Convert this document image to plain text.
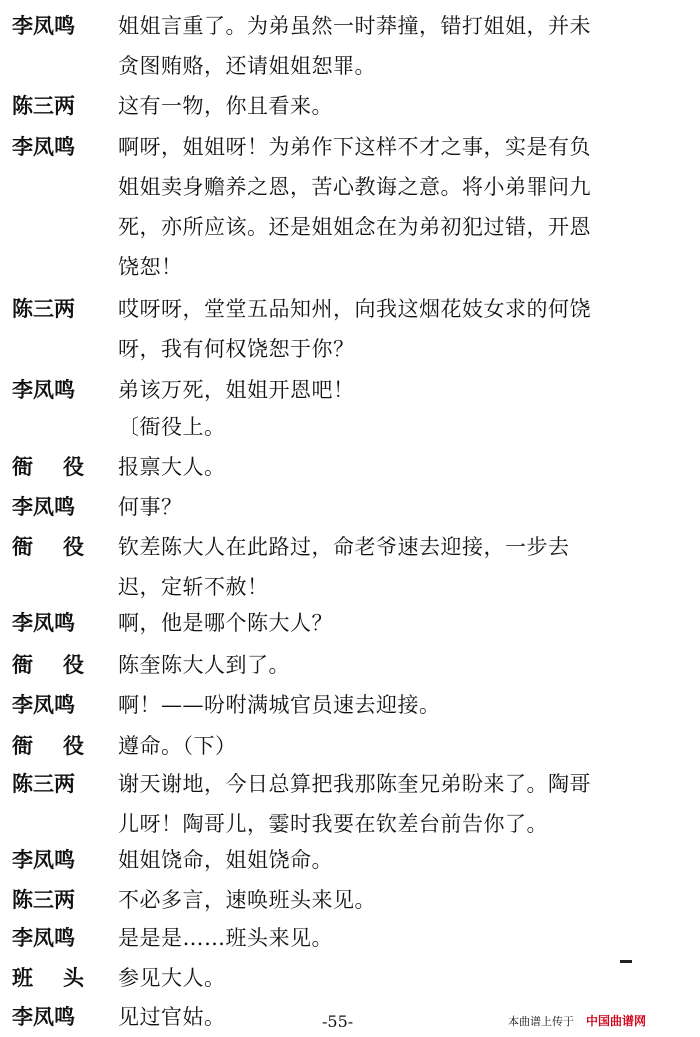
李凤鸣	姐姐言重了。为弟虽然一时莽撞，错打姐姐，并未
贪图贿赂，还请姐姐恕罪。
陈三两	这有一物，你且看来。
李凤鸣	啊呀，姐姐呀！为弟作下这样不才之事，实是有负
姐姐卖身赡养之恩，苦心教诲之意。将小弟罪问九
死，亦所应该。还是姐姐念在为弟初犯过错，开恩
饶恕！
陈三两	哎呀呀，堂堂五品知州，向我这烟花妓女求的何饶
呀，我有何权饶恕于你？
李凤鸣	弟该万死，姐姐开恩吧！
〔衙役上。
衙役 报禀大人。
李凤鸣	何事？
衙役 钦差陈大人在此路过，命老爷速去迎接，一步去
迟，定斩不赦！
李凤鸣	啊，他是哪个陈大人？
衙役 陈奎陈大人到了。
李凤鸣	啊！——吩咐满城官员速去迎接。
衙役 遵命。（下）
陈三两	谢天谢地，今日总算把我那陈奎兄弟盼来了。陶哥
儿呀！陶哥儿，霎时我要在钦差台前告你了。
李凤鸣	姐姐饶命，姐姐饶命。
陈三两	不必多言，速唤班头来见。
李凤鸣	是是是……班头来见。
班头 参见大人。
李凤鸣	见过官姑。	-55-	本曲谱上传于 中国曲谱网
